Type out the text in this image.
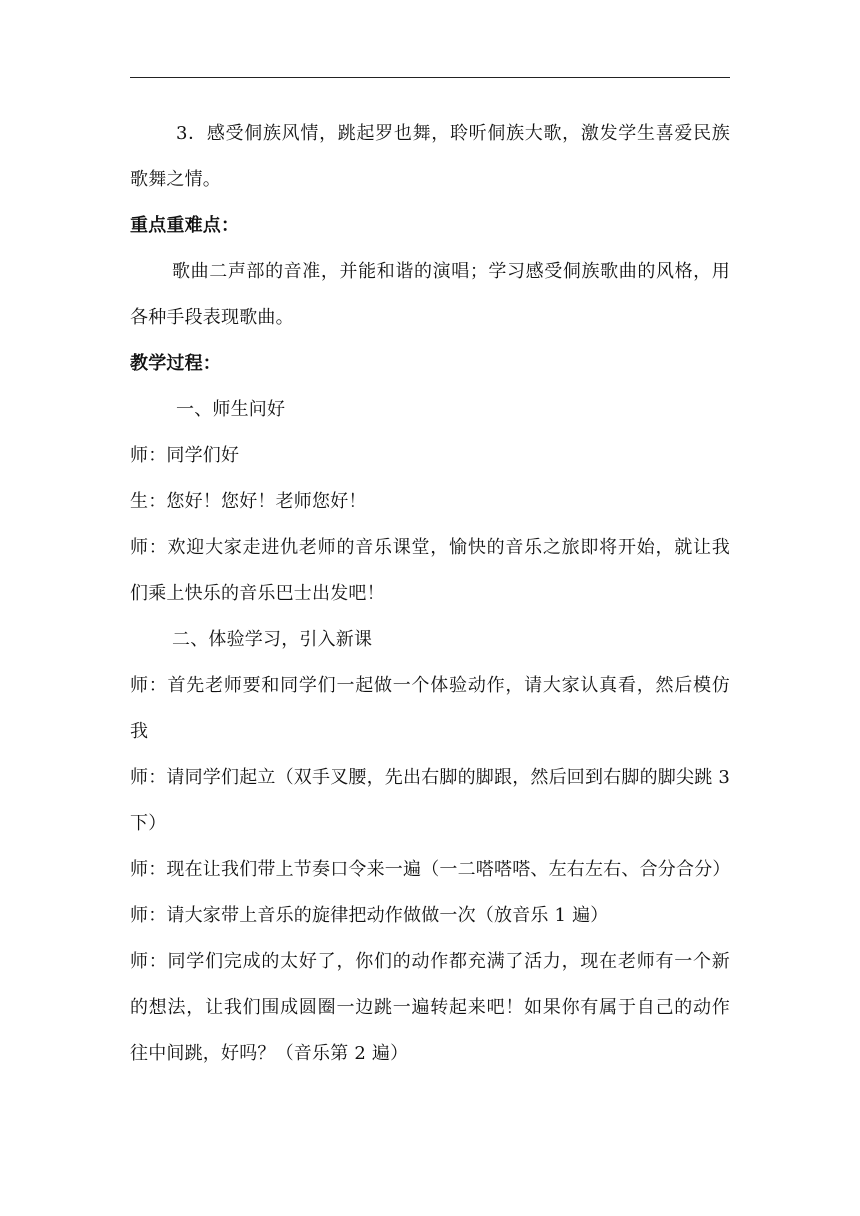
3．感受侗族风情，跳起罗也舞，聆听侗族大歌，激发学生喜爱民族歌舞之情。

重点重难点：

歌曲二声部的音准，并能和谐的演唱；学习感受侗族歌曲的风格，用各种手段表现歌曲。

教学过程：

一、师生问好

师：同学们好

生：您好！您好！老师您好！

师：欢迎大家走进仇老师的音乐课堂，愉快的音乐之旅即将开始，就让我们乘上快乐的音乐巴士出发吧！

二、体验学习，引入新课

师：首先老师要和同学们一起做一个体验动作，请大家认真看，然后模仿我

师：请同学们起立（双手叉腰，先出右脚的脚跟，然后回到右脚的脚尖跳 3 下）

师：现在让我们带上节奏口令来一遍（一二嗒嗒嗒、左右左右、合分合分）

师：请大家带上音乐的旋律把动作做做一次（放音乐 1 遍）

师：同学们完成的太好了，你们的动作都充满了活力，现在老师有一个新的想法，让我们围成圆圈一边跳一遍转起来吧！如果你有属于自己的动作往中间跳，好吗？（音乐第 2 遍）
